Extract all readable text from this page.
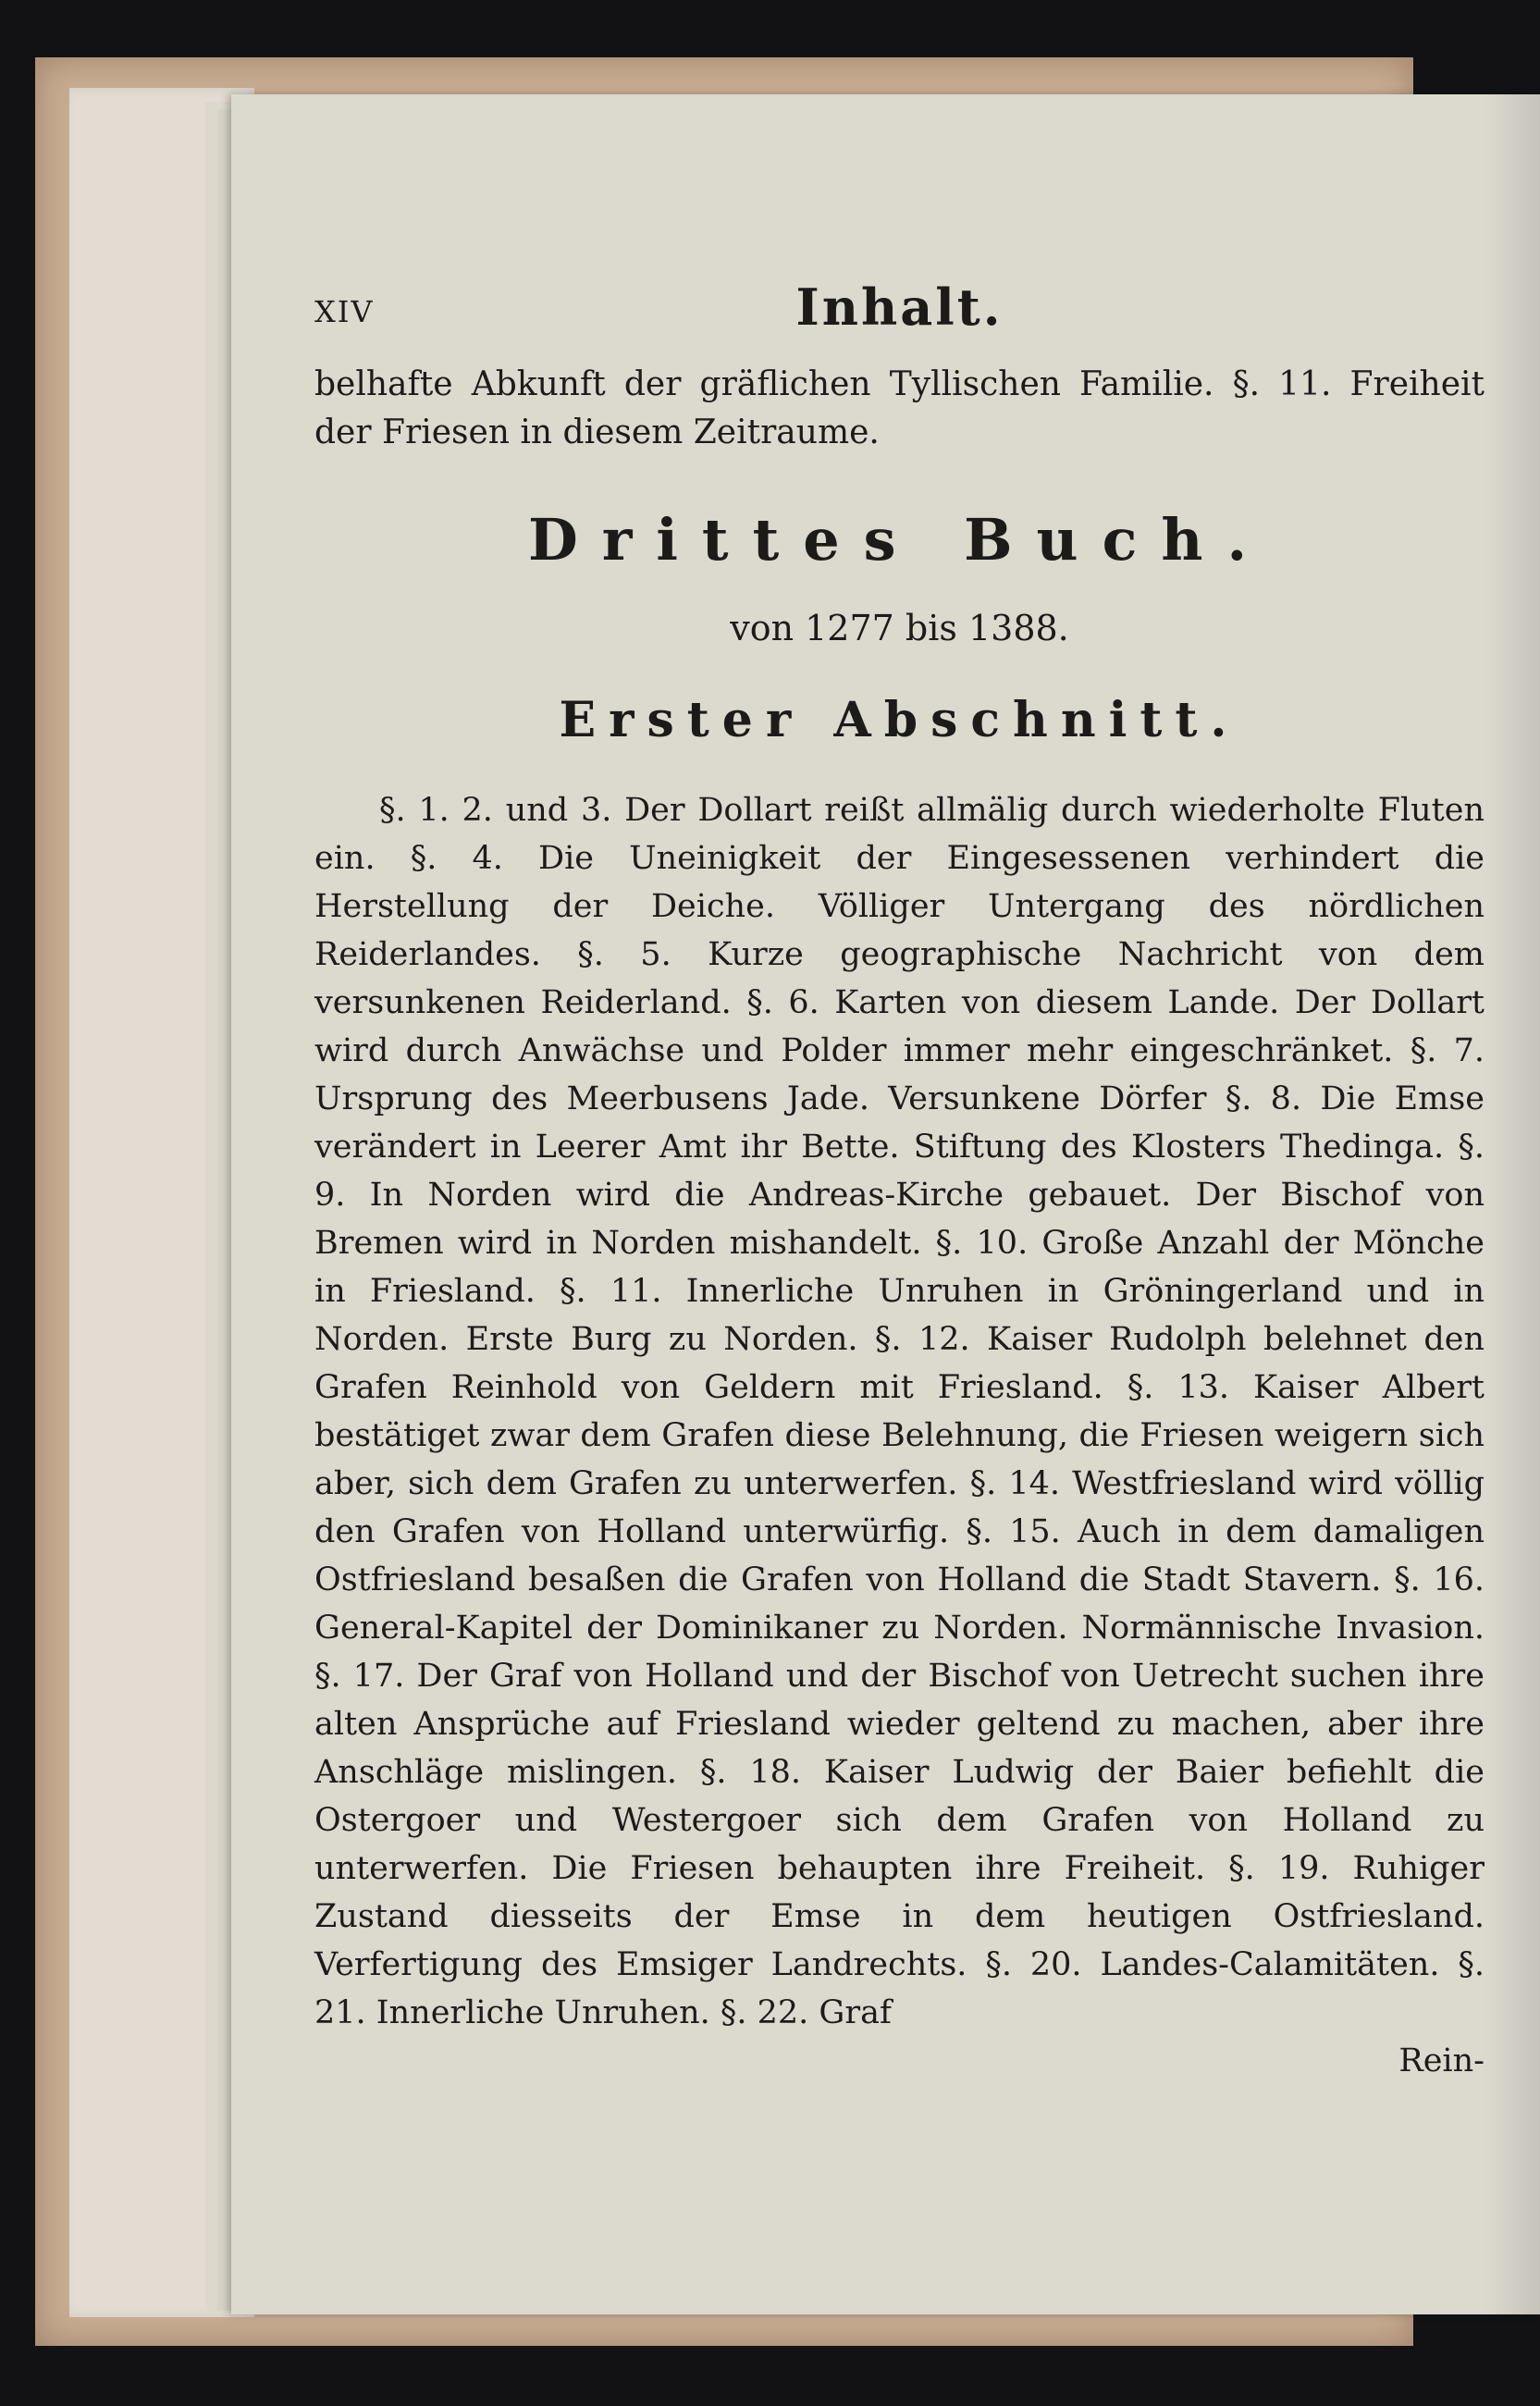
XIV	Inhalt.

belhafte Abkunft der gräflichen Tyllischen Familie. §. 11. Freiheit der Friesen in diesem Zeitraume.

Drittes Buch.
von 1277 bis 1388.
Erster Abschnitt.

§. 1. 2. und 3. Der Dollart reißt allmälig durch wiederholte Fluten ein. §. 4. Die Uneinigkeit der Eingesessenen verhindert die Herstellung der Deiche. Völliger Untergang des nördlichen Reiderlandes. §. 5. Kurze geographische Nachricht von dem versunkenen Reiderland. §. 6. Karten von diesem Lande. Der Dollart wird durch Anwächse und Polder immer mehr eingeschränket. §. 7. Ursprung des Meerbusens Jade. Versunkene Dörfer §. 8. Die Emse verändert in Leerer Amt ihr Bette. Stiftung des Klosters Thedinga. §. 9. In Norden wird die Andreas-Kirche gebauet. Der Bischof von Bremen wird in Norden mishandelt. §. 10. Große Anzahl der Mönche in Friesland. §. 11. Innerliche Unruhen in Gröningerland und in Norden. Erste Burg zu Norden. §. 12. Kaiser Rudolph belehnet den Grafen Reinhold von Geldern mit Friesland. §. 13. Kaiser Albert bestätiget zwar dem Grafen diese Belehnung, die Friesen weigern sich aber, sich dem Grafen zu unterwerfen. §. 14. Westfriesland wird völlig den Grafen von Holland unterwürfig. §. 15. Auch in dem damaligen Ostfriesland besaßen die Grafen von Holland die Stadt Stavern. §. 16. General-Kapitel der Dominikaner zu Norden. Normännische Invasion. §. 17. Der Graf von Holland und der Bischof von Uetrecht suchen ihre alten Ansprüche auf Friesland wieder geltend zu machen, aber ihre Anschläge mislingen. §. 18. Kaiser Ludwig der Baier befiehlt die Ostergoer und Westergoer sich dem Grafen von Holland zu unterwerfen. Die Friesen behaupten ihre Freiheit. §. 19. Ruhiger Zustand diesseits der Emse in dem heutigen Ostfriesland. Verfertigung des Emsiger Landrechts. §. 20. Landes-Calamitäten. §. 21. Innerliche Unruhen. §. 22. Graf

Rein-
